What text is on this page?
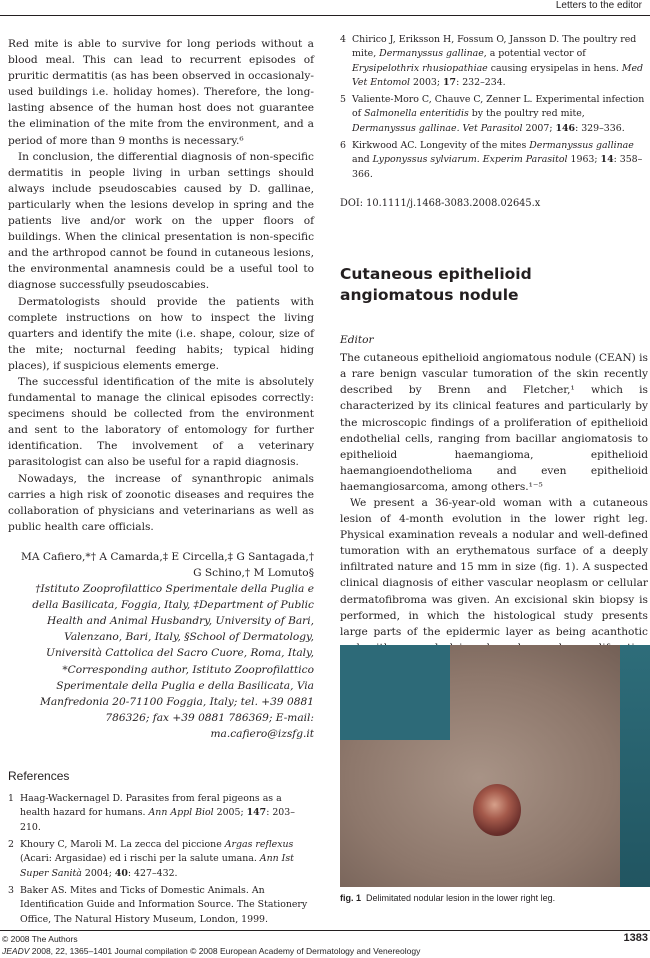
Letters to the editor

Red mite is able to survive for long periods without a blood meal. This can lead to recurrent episodes of pruritic dermatitis (as has been observed in occasionaly-used buildings i.e. holiday homes). Therefore, the long-lasting absence of the human host does not guarantee the elimination of the mite from the environment, and a period of more than 9 months is necessary.⁶

In conclusion, the differential diagnosis of non-specific dermatitis in people living in urban settings should always include pseudoscabies caused by D. gallinae, particularly when the lesions develop in spring and the patients live and/or work on the upper floors of buildings. When the clinical presentation is non-specific and the arthropod cannot be found in cutaneous lesions, the environmental anamnesis could be a useful tool to diagnose successfully pseudoscabies.

Dermatologists should provide the patients with complete instructions on how to inspect the living quarters and identify the mite (i.e. shape, colour, size of the mite; nocturnal feeding habits; typical hiding places), if suspicious elements emerge.

The successful identification of the mite is absolutely fundamental to manage the clinical episodes correctly: specimens should be collected from the environment and sent to the laboratory of entomology for further identification. The involvement of a veterinary parasitologist can also be useful for a rapid diagnosis.

Nowadays, the increase of synanthropic animals carries a high risk of zoonotic diseases and requires the collaboration of physicians and veterinarians as well as public health care officials.

MA Cafiero,*† A Camarda,‡ E Circella,‡ G Santagada,†
G Schino,† M Lomuto§
†Istituto Zooprofilattico Sperimentale della Puglia e della Basilicata, Foggia, Italy, ‡Department of Public Health and Animal Husbandry, University of Bari, Valenzano, Bari, Italy, §School of Dermatology, Università Cattolica del Sacro Cuore, Roma, Italy, *Corresponding author, Istituto Zooprofilattico Sperimentale della Puglia e della Basilicata, Via Manfredonia 20-71100 Foggia, Italy; tel. +39 0881 786326; fax +39 0881 786369; E-mail: ma.cafiero@izsfg.it
References
1 Haag-Wackernagel D. Parasites from feral pigeons as a health hazard for humans. Ann Appl Biol 2005; 147: 203–210.
2 Khoury C, Maroli M. La zecca del piccione Argas reflexus (Acari: Argasidae) ed i rischi per la salute umana. Ann Ist Super Sanità 2004; 40: 427–432.
3 Baker AS. Mites and Ticks of Domestic Animals. An Identification Guide and Information Source. The Stationery Office, The Natural History Museum, London, 1999.
4 Chirico J, Eriksson H, Fossum O, Jansson D. The poultry red mite, Dermanyssus gallinae, a potential vector of Erysipelothrix rhusiopathiae causing erysipelas in hens. Med Vet Entomol 2003; 17: 232–234.
5 Valiente-Moro C, Chauve C, Zenner L. Experimental infection of Salmonella enteritidis by the poultry red mite, Dermanyssus gallinae. Vet Parasitol 2007; 146: 329–336.
6 Kirkwood AC. Longevity of the mites Dermanyssus gallinae and Lyponyssus sylviarum. Experim Parasitol 1963; 14: 358–366.
DOI: 10.1111/j.1468-3083.2008.02645.x
Cutaneous epithelioid angiomatous nodule
Editor

The cutaneous epithelioid angiomatous nodule (CEAN) is a rare benign vascular tumoration of the skin recently described by Brenn and Fletcher,¹ which is characterized by its clinical features and particularly by the microscopic findings of a proliferation of epithelioid endothelial cells, ranging from bacillar angiomatosis to epithelioid haemangioma, epithelioid haemangioendothelioma and even epithelioid haemangiosarcoma, among others.¹⁻⁵

We present a 36-year-old woman with a cutaneous lesion of 4-month evolution in the lower right leg. Physical examination reveals a nodular and well-defined tumoration with an erythematous surface of a deeply infiltrated nature and 15 mm in size (fig. 1). A suspected clinical diagnosis of either vascular neoplasm or cellular dermatofibroma was given. An excisional skin biopsy is performed, in which the histological study presents large parts of the epidermic layer as being acanthotic

fig. 1 Delimitated nodular lesion in the lower right leg.
© 2008 The Authors
JEADV 2008, 22, 1365–1401 Journal compilation © 2008 European Academy of Dermatology and Venereology
1383
